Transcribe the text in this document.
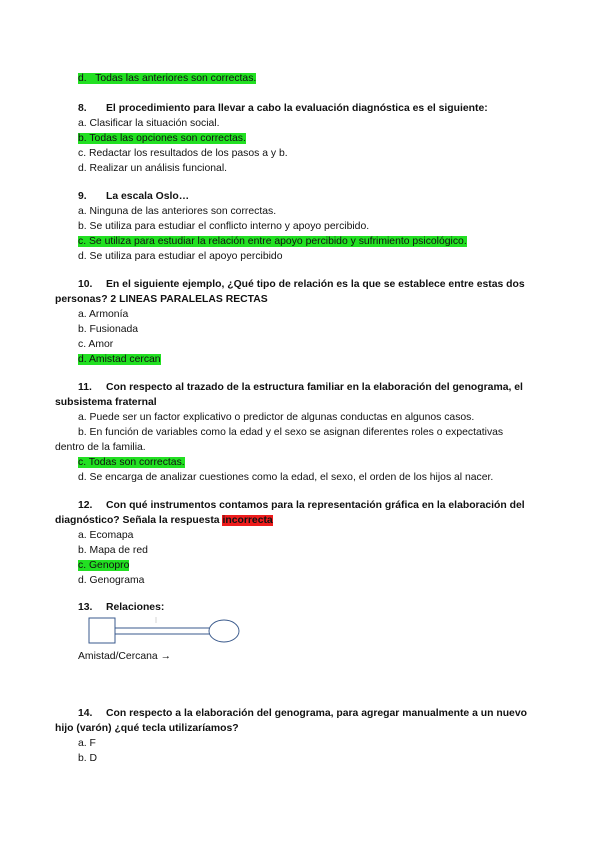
d. Todas las anteriores son correctas.
8. El procedimiento para llevar a cabo la evaluación diagnóstica es el siguiente:
a. Clasificar la situación social.
b. Todas las opciones son correctas.
c. Redactar los resultados de los pasos a y b.
d. Realizar un análisis funcional.
9. La escala Oslo…
a. Ninguna de las anteriores son correctas.
b. Se utiliza para estudiar el conflicto interno y apoyo percibido.
c. Se utiliza para estudiar la relación entre apoyo percibido y sufrimiento psicológico.
d. Se utiliza para estudiar el apoyo percibido
10. En el siguiente ejemplo, ¿Qué tipo de relación es la que se establece entre estas dos
personas? 2 LINEAS PARALELAS RECTAS
a. Armonía
b. Fusionada
c. Amor
d. Amistad cercan
11. Con respecto al trazado de la estructura familiar en la elaboración del genograma, el
subsistema fraternal
a. Puede ser un factor explicativo o predictor de algunas conductas en algunos casos.
b. En función de variables como la edad y el sexo se asignan diferentes roles o expectativas
dentro de la familia.
c. Todas son correctas.
d. Se encarga de analizar cuestiones como la edad, el sexo, el orden de los hijos al nacer.
12. Con qué instrumentos contamos para la representación gráfica en la elaboración del
diagnóstico? Señala la respuesta incorrecta
a. Ecomapa
b. Mapa de red
c. Genopro
d. Genograma
13. Relaciones:
Amistad/Cercana →
14. Con respecto a la elaboración del genograma, para agregar manualmente a un nuevo
hijo (varón) ¿qué tecla utilizaríamos?
a. F
b. D
